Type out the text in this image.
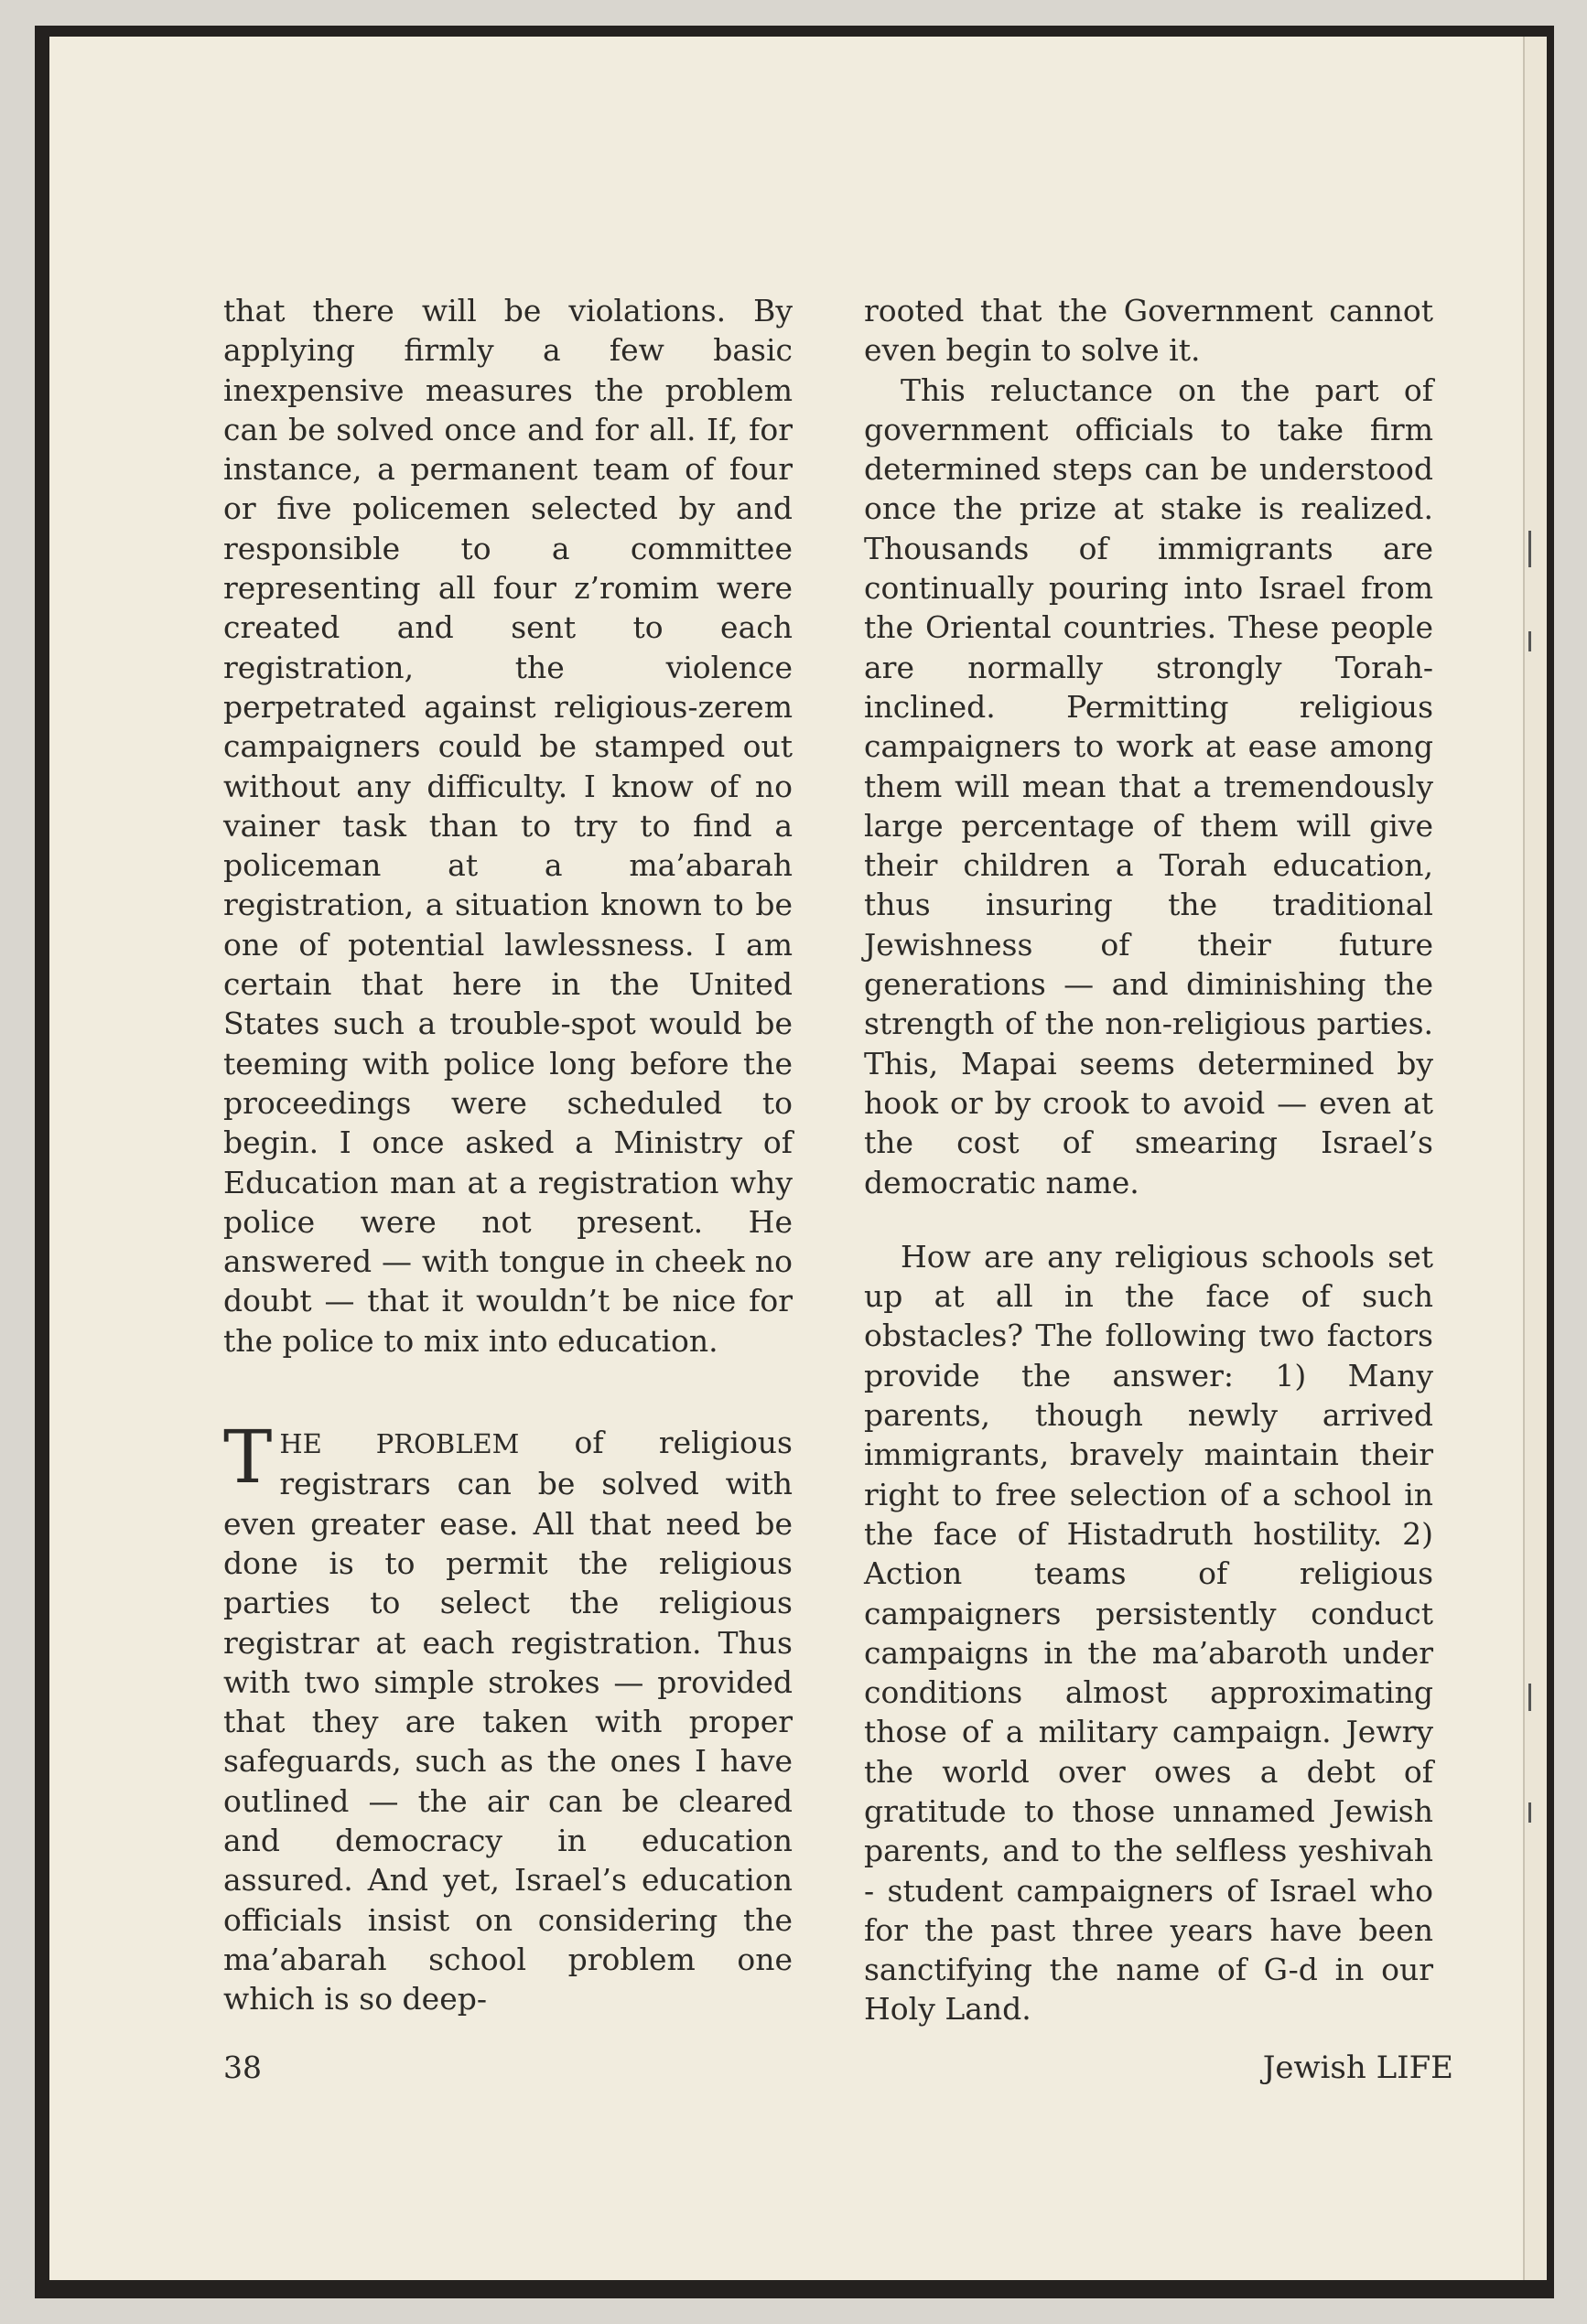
that there will be violations. By applying firmly a few basic inexpensive measures the problem can be solved once and for all. If, for instance, a permanent team of four or five policemen selected by and responsible to a committee representing all four z’romim were created and sent to each registration, the violence perpetrated against religious-zerem campaigners could be stamped out without any difficulty. I know of no vainer task than to try to find a policeman at a ma’abarah registration, a situation known to be one of potential lawlessness. I am certain that here in the United States such a trouble-spot would be teeming with police long before the proceedings were scheduled to begin. I once asked a Ministry of Education man at a registration why police were not present. He answered — with tongue in cheek no doubt — that it wouldn’t be nice for the police to mix into education.

THE PROBLEM of religious registrars can be solved with even greater ease. All that need be done is to permit the religious parties to select the religious registrar at each registration. Thus with two simple strokes — provided that they are taken with proper safeguards, such as the ones I have outlined — the air can be cleared and democracy in education assured. And yet, Israel’s education officials insist on considering the ma’abarah school problem one which is so deep-

rooted that the Government cannot even begin to solve it.

This reluctance on the part of government officials to take firm determined steps can be understood once the prize at stake is realized. Thousands of immigrants are continually pouring into Israel from the Oriental countries. These people are normally strongly Torah-inclined. Permitting religious campaigners to work at ease among them will mean that a tremendously large percentage of them will give their children a Torah education, thus insuring the traditional Jewishness of their future generations — and diminishing the strength of the non-religious parties. This, Mapai seems determined by hook or by crook to avoid — even at the cost of smearing Israel’s democratic name.

How are any religious schools set up at all in the face of such obstacles? The following two factors provide the answer: 1) Many parents, though newly arrived immigrants, bravely maintain their right to free selection of a school in the face of Histadruth hostility. 2) Action teams of religious campaigners persistently conduct campaigns in the ma’abaroth under conditions almost approximating those of a military campaign. Jewry the world over owes a debt of gratitude to those unnamed Jewish parents, and to the selfless yeshivah - student campaigners of Israel who for the past three years have been sanctifying the name of G-d in our Holy Land.

38	Jewish LIFE
